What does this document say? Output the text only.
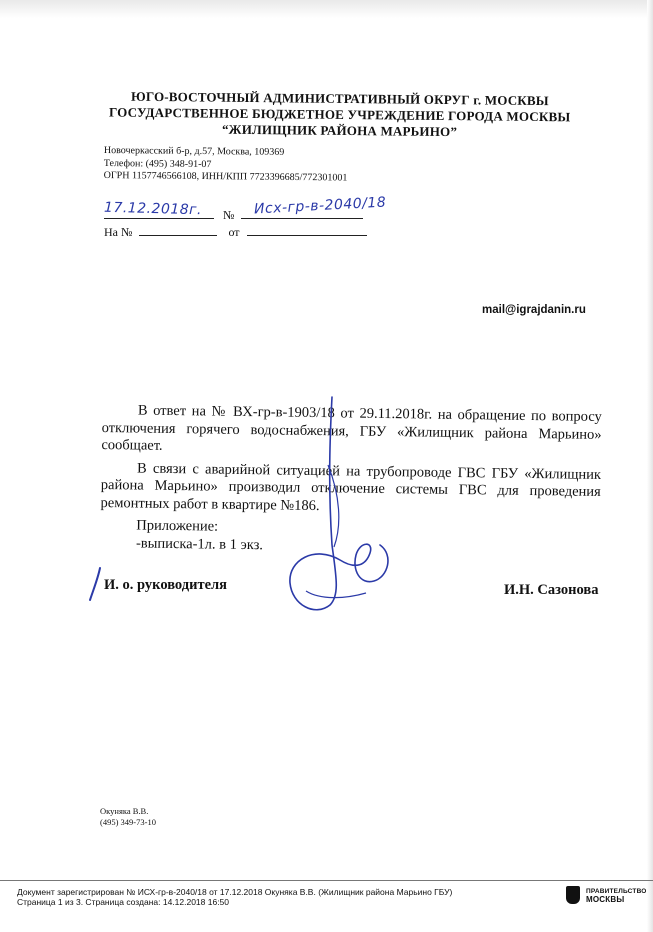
ЮГО-ВОСТОЧНЫЙ АДМИНИСТРАТИВНЫЙ ОКРУГ г. МОСКВЫ
ГОСУДАРСТВЕННОЕ БЮДЖЕТНОЕ УЧРЕЖДЕНИЕ ГОРОДА МОСКВЫ
“ЖИЛИЩНИК РАЙОНА МАРЬИНО”
Новочеркасский б-р, д.57, Москва, 109369
Телефон: (495) 348-91-07
ОГРН 1157746566108, ИНН/КПП 7723396685/772301001
№
17.12.2018г.	Исх-гр-в-2040/18
На №	от
mail@igrajdanin.ru

В ответ на № ВХ-гр-в-1903/18 от 29.11.2018г. на обращение по вопросу отключения горячего водоснабжения, ГБУ «Жилищник района Марьино» сообщает.

В связи с аварийной ситуацией на трубопроводе ГВС ГБУ «Жилищник района Марьино» производил отключение системы ГВС для проведения ремонтных работ в квартире №186.

Приложение:
-выписка-1л. в 1 экз.
И. о. руководителя	И.Н. Сазонова
Окуняка В.В.
(495) 349-73-10
Документ зарегистрирован № ИСХ-гр-в-2040/18 от 17.12.2018 Окуняка В.В. (Жилищник района Марьино ГБУ)
Страница 1 из 3. Страница создана: 14.12.2018 16:50
ПРАВИТЕЛЬСТВО
МОСКВЫ
